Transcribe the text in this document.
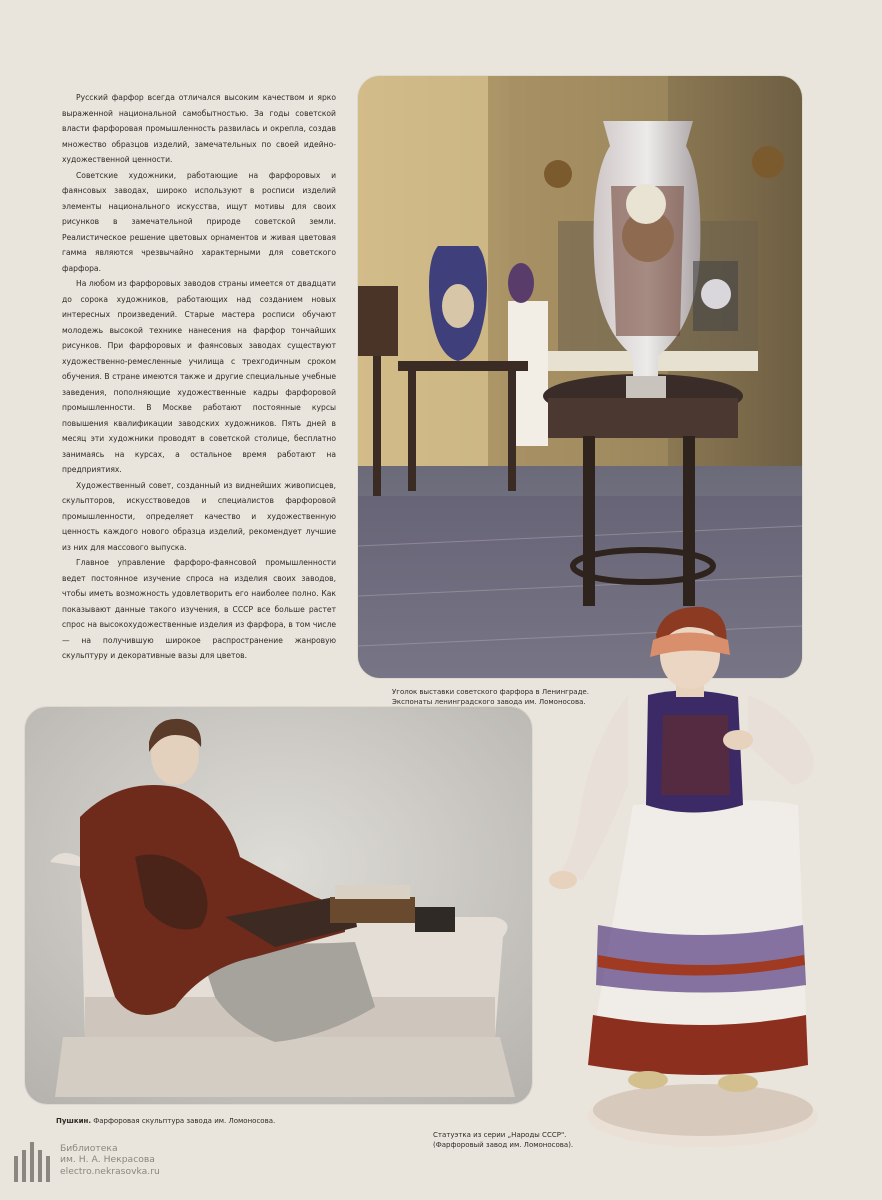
Русский фарфор всегда отличался высоким качеством и ярко выраженной национальной самобытностью. За годы советской власти фарфоровая промышленность развилась и окрепла, создав множество образцов изделий, замечательных по своей идейно-художественной ценности.

Советские художники, работающие на фарфоровых и фаянсовых заводах, широко используют в росписи изделий элементы национального искусства, ищут мотивы для своих рисунков в замечательной природе советской земли. Реалистическое решение цветовых орнаментов и живая цветовая гамма являются чрезвычайно характерными для советского фарфора.

На любом из фарфоровых заводов страны имеется от двадцати до сорока художников, работающих над созданием новых интересных произведений. Старые мастера росписи обучают молодежь высокой технике нанесения на фарфор тончайших рисунков. При фарфоровых и фаянсовых заводах существуют художественно-ремесленные училища с трехгодичным сроком обучения. В стране имеются также и другие специальные учебные заведения, пополняющие художественные кадры фарфоровой промышленности. В Москве работают постоянные курсы повышения квалификации заводских художников. Пять дней в месяц эти художники проводят в советской столице, бесплатно занимаясь на курсах, а остальное время работают на предприятиях.

Художественный совет, созданный из виднейших живописцев, скульпторов, искусствоведов и специалистов фарфоровой промышленности, определяет качество и художественную ценность каждого нового образца изделий, рекомендует лучшие из них для массового выпуска.

Главное управление фарфоро-фаянсовой промышленности ведет постоянное изучение спроса на изделия своих заводов, чтобы иметь возможность удовлетворить его наиболее полно. Как показывают данные такого изучения, в СССР все больше растет спрос на высокохудожественные изделия из фарфора, в том числе — на получившую широкое распространение жанровую скульптуру и декоративные вазы для цветов.

Уголок выставки советского фарфора в Ленинграде.
Экспонаты ленинградского завода им. Ломоносова.
Пушкин. Фарфоровая скульптура завода им. Ломоносова.
Статуэтка из серии „Народы СССР".
(Фарфоровый завод им. Ломоносова).
Библиотека
им. Н. А. Некрасова
electro.nekrasovka.ru
